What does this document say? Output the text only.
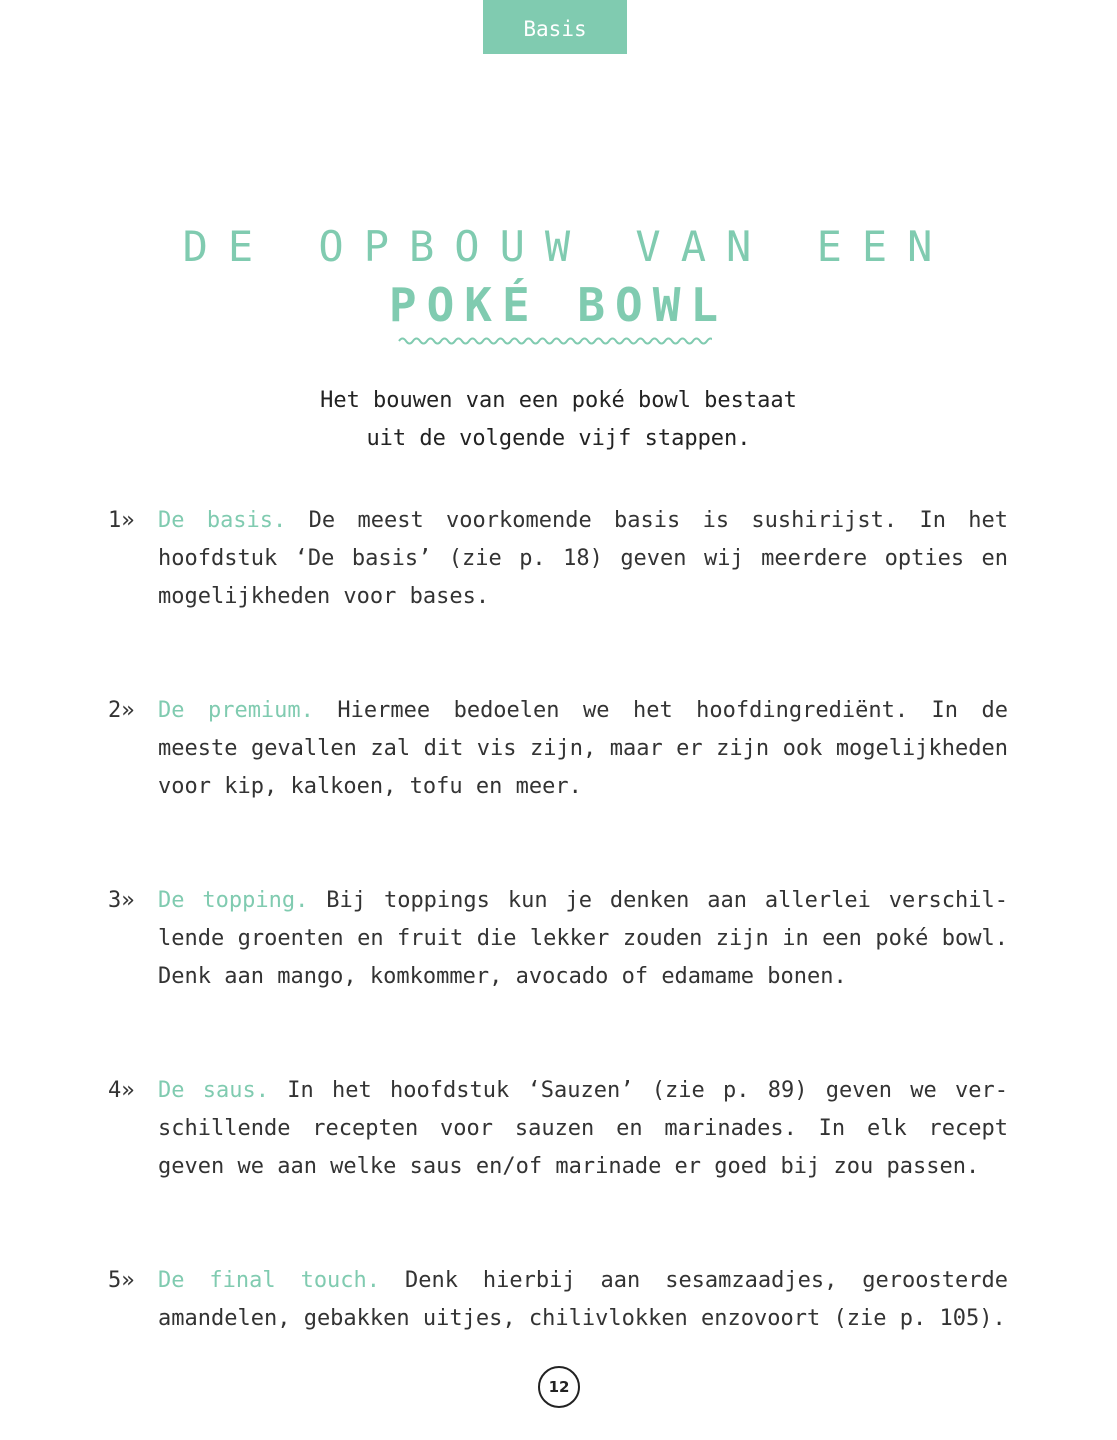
Basis
DE OPBOUW VAN EEN
POKÉ BOWL
Het bouwen van een poké bowl bestaat
uit de volgende vijf stappen.
1» De basis. De meest voorkomende basis is sushirijst. In het hoofdstuk ‘De basis’ (zie p. 18) geven wij meerdere opties en mogelijkheden voor bases.
2» De premium. Hiermee bedoelen we het hoofdingrediënt. In de meeste gevallen zal dit vis zijn, maar er zijn ook mogelijkheden voor kip, kalkoen, tofu en meer.
3» De topping. Bij toppings kun je denken aan allerlei verschillende groenten en fruit die lekker zouden zijn in een poké bowl. Denk aan mango, komkommer, avocado of edamame bonen.
4» De saus. In het hoofdstuk ‘Sauzen’ (zie p. 89) geven we verschillende recepten voor sauzen en marinades. In elk recept geven we aan welke saus en/of marinade er goed bij zou passen.
5» De final touch. Denk hierbij aan sesamzaadjes, geroosterde amandelen, gebakken uitjes, chilivlokken enzovoort (zie p. 105).
12
